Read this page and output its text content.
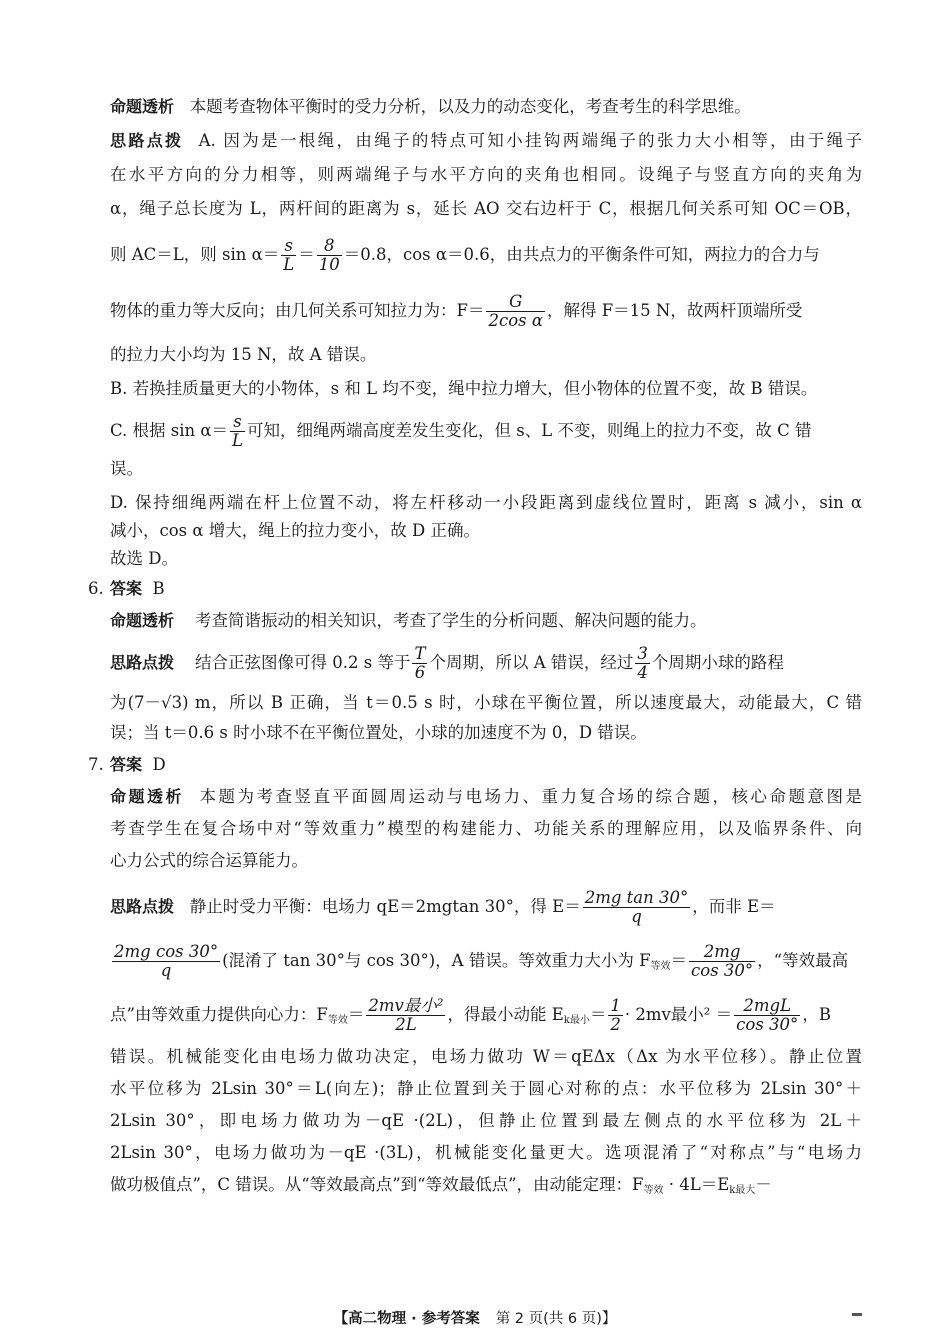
命题透析 本题考查物体平衡时的受力分析，以及力的动态变化，考查考生的科学思维。
思路点拨 A. 因为是一根绳，由绳子的特点可知小挂钩两端绳子的张力大小相等，由于绳子
在水平方向的分力相等，则两端绳子与水平方向的夹角也相同。设绳子与竖直方向的夹角为
α，绳子总长度为 L，两杆间的距离为 s，延长 AO 交右边杆于 C，根据几何关系可知 OC＝OB，
则 AC＝L，则 $\sin \alpha= \frac{s}{L} = \frac{8}{10} =0.8$，cos α＝0.6，由共点力的平衡条件可知，两拉力的合力与
物体的重力等大反向；由几何关系可知拉力为：$F= \frac{G}{\text{2cos α}}$ ，解得 F＝15 N，故两杆顶端所受
的拉力大小均为 15 N，故 A 错误。
B. 若换挂质量更大的小物体，s 和 L 均不变，绳中拉力增大，但小物体的位置不变，故 B 错误。
C. 根据 $\sin \alpha= \frac{s}{L}$ 可知，细绳两端高度差发生变化，但 s、L 不变，则绳上的拉力不变，故 C 错
误。
D. 保持细绳两端在杆上位置不动，将左杆移动一小段距离到虚线位置时，距离 s 减小，sin α
减小，cos α 增大，绳上的拉力变小，故 D 正确。
故选 D。
6. 答案 B
命题透析 考查简谐振动的相关知识，考查了学生的分析问题、解决问题的能力。
思路点拨 结合正弦图像可得 0.2 s 等于 $\frac{T}{6}$ 个周期，所以 A 错误，经过 $\frac{3}{4}$ 个周期小球的路程
为(7－√3) m，所以 B 正确，当 t＝0.5 s 时，小球在平衡位置，所以速度最大，动能最大，C 错
误；当 t＝0.6 s 时小球不在平衡位置处，小球的加速度不为 0，D 错误。
7. 答案 D
命题透析 本题为考查竖直平面圆周运动与电场力、重力复合场的综合题，核心命题意图是
考查学生在复合场中对“等效重力”模型的构建能力、功能关系的理解应用，以及临界条件、向
心力公式的综合运算能力。
思路点拨 静止时受力平衡：电场力 qE＝2mgtan 30°，得 $E= \frac{\text{2mg tan 30°}}{q}$ ，而非 E＝
$\frac{\text{2mg cos 30°}}{q}$ (混淆了 tan 30°与 cos 30°)，A 错误。等效重力大小为 $F_{等效}= \frac{2mg}{\cos 30^\circ}$ ，“等效最高
点”由等效重力提供向心力：$F_{等效}= \frac{\text{2mv最小²}}{2L}$ ，得最小动能 $E_{k最小}= \frac{1}{2} \cdot 2mv$最小$^2 = \frac{\text{2mgL}}{\cos 30^\circ}$ ，B
错误。机械能变化由电场力做功决定，电场力做功 W＝qEΔx（Δx 为水平位移）。静止位置
水平位移为 2Lsin 30°＝L(向左)；静止位置到关于圆心对称的点：水平位移为 2Lsin 30°＋
2Lsin 30°，即电场力做功为－qE ·(2L)，但静止位置到最左侧点的水平位移为 2L＋
2Lsin 30°，电场力做功为－qE ·(3L)，机械能变化量更大。选项混淆了“对称点”与“电场力
做功极值点”，C 错误。从“等效最高点”到“等效最低点”，由动能定理：$F_{等效} \cdot 4L=E_{k最大}-$
【高二物理 · 参考答案 第 2 页(共 6 页)】
